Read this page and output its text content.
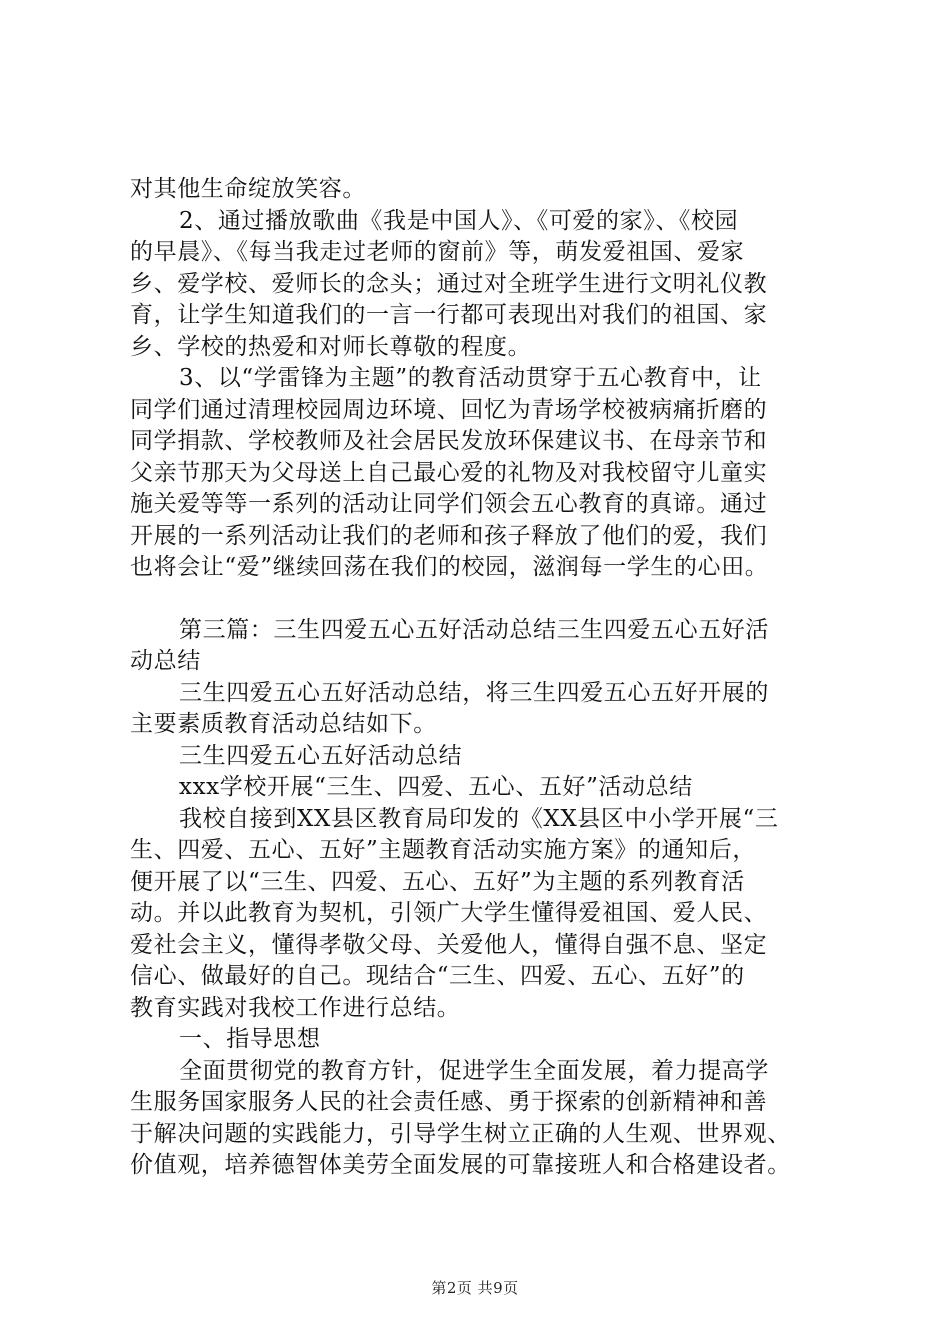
对其他生命绽放笑容。
2、通过播放歌曲《我是中国人》、《可爱的家》、《校园
的早晨》、《每当我走过老师的窗前》等，萌发爱祖国、爱家
乡、爱学校、爱师长的念头；通过对全班学生进行文明礼仪教
育，让学生知道我们的一言一行都可表现出对我们的祖国、家
乡、学校的热爱和对师长尊敬的程度。
3、以“学雷锋为主题”的教育活动贯穿于五心教育中，让
同学们通过清理校园周边环境、回忆为青场学校被病痛折磨的
同学捐款、学校教师及社会居民发放环保建议书、在母亲节和
父亲节那天为父母送上自己最心爱的礼物及对我校留守儿童实
施关爱等等一系列的活动让同学们领会五心教育的真谛。通过
开展的一系列活动让我们的老师和孩子释放了他们的爱，我们
也将会让“爱”继续回荡在我们的校园，滋润每一学生的心田。
第三篇：三生四爱五心五好活动总结三生四爱五心五好活
动总结
三生四爱五心五好活动总结，将三生四爱五心五好开展的
主要素质教育活动总结如下。
三生四爱五心五好活动总结
xxx学校开展“三生、四爱、五心、五好”活动总结
我校自接到XX县区教育局印发的《XX县区中小学开展“三
生、四爱、五心、五好”主题教育活动实施方案》的通知后，
便开展了以“三生、四爱、五心、五好”为主题的系列教育活
动。并以此教育为契机，引领广大学生懂得爱祖国、爱人民、
爱社会主义，懂得孝敬父母、关爱他人，懂得自强不息、坚定
信心、做最好的自己。现结合“三生、四爱、五心、五好”的
教育实践对我校工作进行总结。
一、指导思想
全面贯彻党的教育方针，促进学生全面发展，着力提高学
生服务国家服务人民的社会责任感、勇于探索的创新精神和善
于解决问题的实践能力，引导学生树立正确的人生观、世界观、
价值观，培养德智体美劳全面发展的可靠接班人和合格建设者。
第2页 共9页
